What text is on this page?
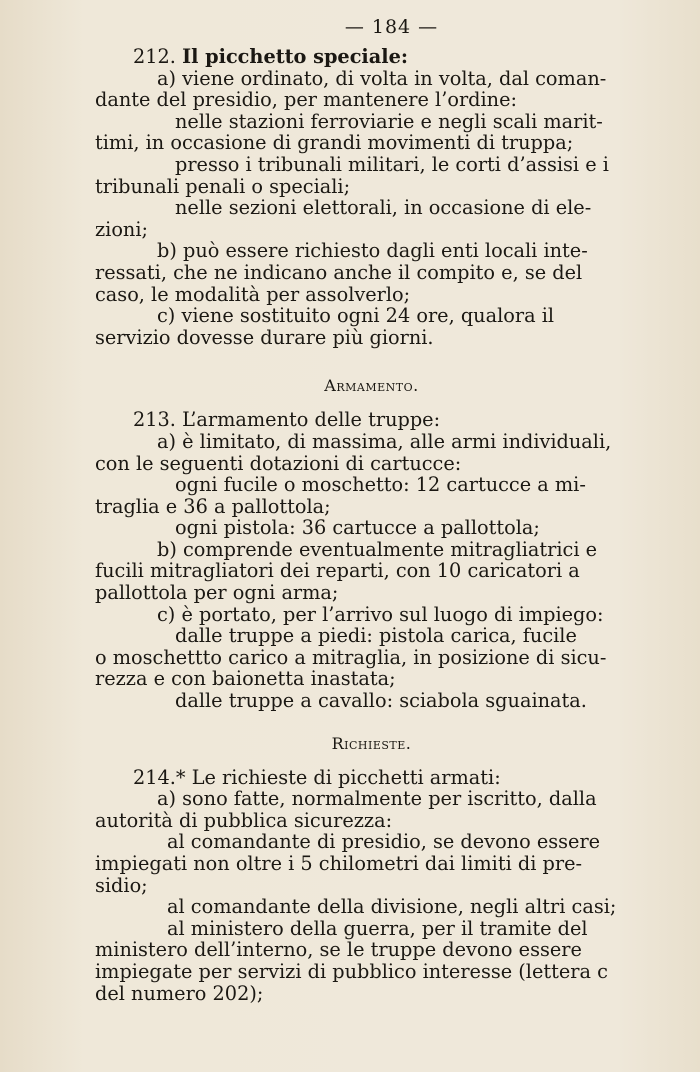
— 184 —

212. Il picchetto speciale:

a) viene ordinato, di volta in volta, dal coman-

dante del presidio, per mantenere l’ordine:

nelle stazioni ferroviarie e negli scali marit-

timi, in occasione di grandi movimenti di truppa;

presso i tribunali militari, le corti d’assisi e i

tribunali penali o speciali;

nelle sezioni elettorali, in occasione di ele-

zioni;

b) può essere richiesto dagli enti locali inte-

ressati, che ne indicano anche il compito e, se del

caso, le modalità per assolverlo;

c) viene sostituito ogni 24 ore, qualora il

servizio dovesse durare più giorni.

Armamento.

213. L’armamento delle truppe:

a) è limitato, di massima, alle armi individuali,

con le seguenti dotazioni di cartucce:

ogni fucile o moschetto: 12 cartucce a mi-

traglia e 36 a pallottola;

ogni pistola: 36 cartucce a pallottola;

b) comprende eventualmente mitragliatrici e

fucili mitragliatori dei reparti, con 10 caricatori a

pallottola per ogni arma;

c) è portato, per l’arrivo sul luogo di impiego:

dalle truppe a piedi: pistola carica, fucile

o moschettto carico a mitraglia, in posizione di sicu-

rezza e con baionetta inastata;

dalle truppe a cavallo: sciabola sguainata.

Richieste.

214.* Le richieste di picchetti armati:

a) sono fatte, normalmente per iscritto, dalla

autorità di pubblica sicurezza:

al comandante di presidio, se devono essere

impiegati non oltre i 5 chilometri dai limiti di pre-

sidio;

al comandante della divisione, negli altri casi;

al ministero della guerra, per il tramite del

ministero dell’interno, se le truppe devono essere

impiegate per servizi di pubblico interesse (lettera c

del numero 202);
